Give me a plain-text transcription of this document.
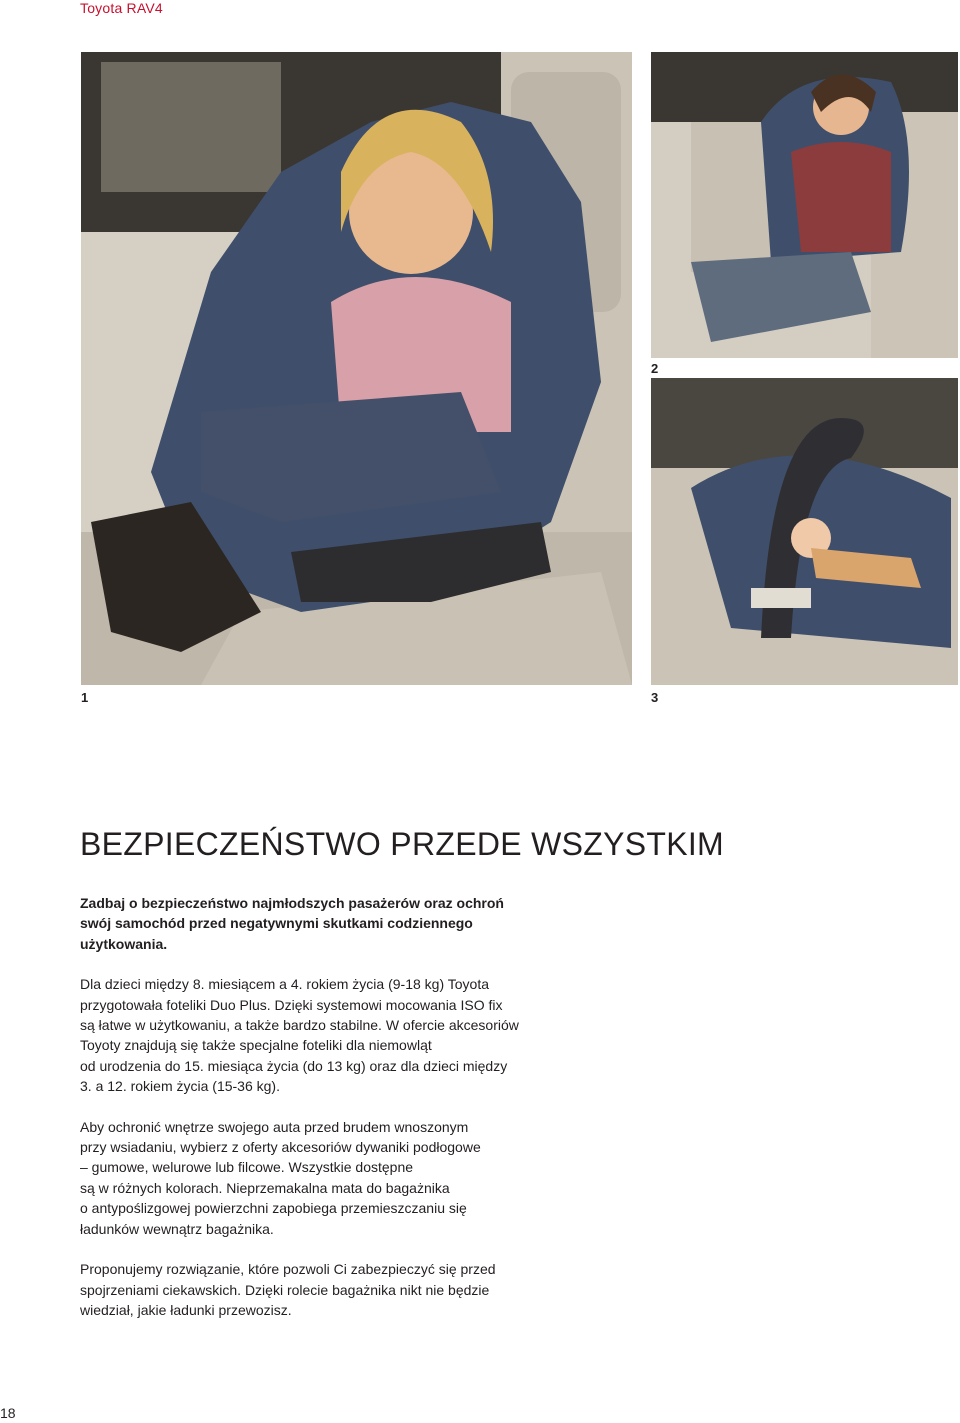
Toyota RAV4
1
2
3
BEZPIECZEŃSTWO PRZEDE WSZYSTKIM

Zadbaj o bezpieczeństwo najmłodszych pasażerów oraz ochroń
swój samochód przed negatywnymi skutkami codziennego
użytkowania.

Dla dzieci między 8. miesiącem a 4. rokiem życia (9-18 kg) Toyota
przygotowała foteliki Duo Plus. Dzięki systemowi mocowania ISO fix
są łatwe w użytkowaniu, a także bardzo stabilne. W ofercie akcesoriów
Toyoty znajdują się także specjalne foteliki dla niemowląt
od urodzenia do 15. miesiąca życia (do 13 kg) oraz dla dzieci między
3. a 12. rokiem życia (15-36 kg).

Aby ochronić wnętrze swojego auta przed brudem wnoszonym
przy wsiadaniu, wybierz z oferty akcesoriów dywaniki podłogowe
– gumowe, welurowe lub filcowe. Wszystkie dostępne
są w różnych kolorach. Nieprzemakalna mata do bagażnika
o antypoślizgowej powierzchni zapobiega przemieszczaniu się
ładunków wewnątrz bagażnika.

Proponujemy rozwiązanie, które pozwoli Ci zabezpieczyć się przed
spojrzeniami ciekawskich. Dzięki rolecie bagażnika nikt nie będzie
wiedział, jakie ładunki przewozisz.

18
